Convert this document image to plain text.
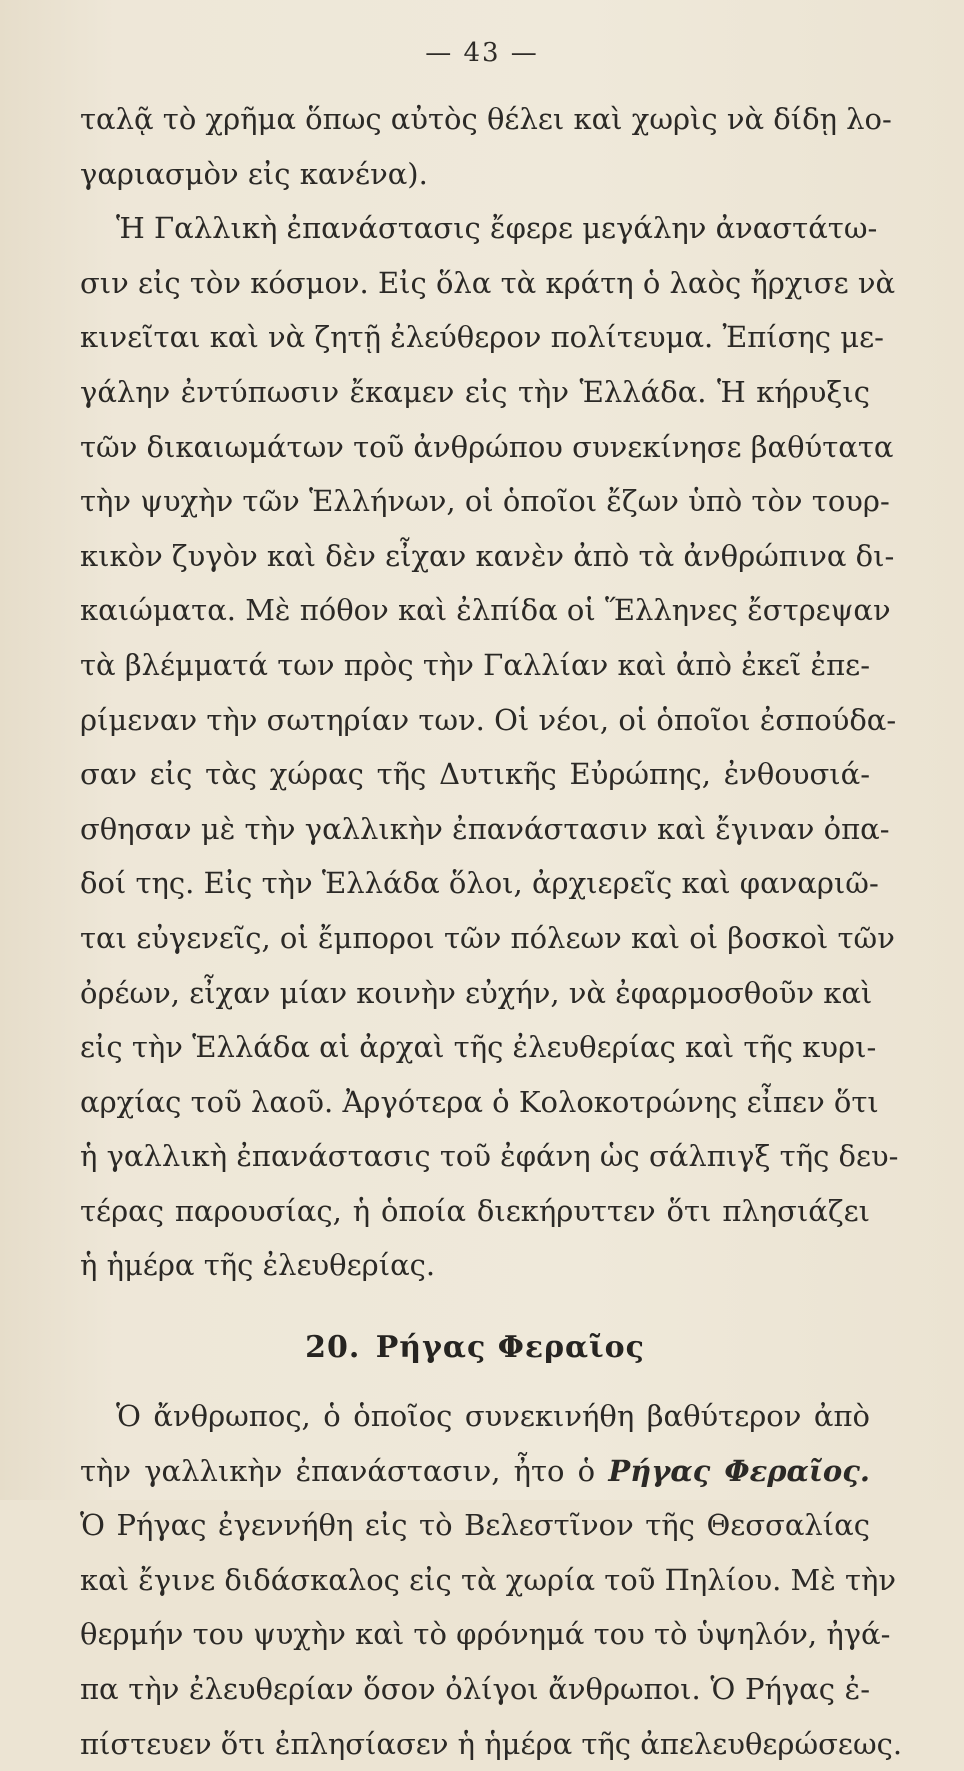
— 43 —
ταλᾷ τὸ χρῆμα ὅπως αὐτὸς θέλει καὶ χωρὶς νὰ δίδῃ λο-
γαριασμὸν εἰς κανένα).
Ἡ Γαλλικὴ ἐπανάστασις ἔφερε μεγάλην ἀναστάτω-
σιν εἰς τὸν κόσμον. Εἰς ὅλα τὰ κράτη ὁ λαὸς ἤρχισε νὰ
κινεῖται καὶ νὰ ζητῇ ἐλεύθερον πολίτευμα. Ἐπίσης με-
γάλην ἐντύπωσιν ἔκαμεν εἰς τὴν Ἑλλάδα. Ἡ κήρυξις
τῶν δικαιωμάτων τοῦ ἀνθρώπου συνεκίνησε βαθύτατα
τὴν ψυχὴν τῶν Ἑλλήνων, οἱ ὁποῖοι ἔζων ὑπὸ τὸν τουρ-
κικὸν ζυγὸν καὶ δὲν εἶχαν κανὲν ἀπὸ τὰ ἀνθρώπινα δι-
καιώματα. Μὲ πόθον καὶ ἐλπίδα οἱ Ἕλληνες ἔστρεψαν
τὰ βλέμματά των πρὸς τὴν Γαλλίαν καὶ ἀπὸ ἐκεῖ ἐπε-
ρίμεναν τὴν σωτηρίαν των. Οἱ νέοι, οἱ ὁποῖοι ἐσπούδα-
σαν εἰς τὰς χώρας τῆς Δυτικῆς Εὐρώπης, ἐνθουσιά-
σθησαν μὲ τὴν γαλλικὴν ἐπανάστασιν καὶ ἔγιναν ὀπα-
δοί της. Εἰς τὴν Ἑλλάδα ὅλοι, ἀρχιερεῖς καὶ φαναριῶ-
ται εὐγενεῖς, οἱ ἔμποροι τῶν πόλεων καὶ οἱ βοσκοὶ τῶν
ὀρέων, εἶχαν μίαν κοινὴν εὐχήν, νὰ ἐφαρμοσθοῦν καὶ
εἰς τὴν Ἑλλάδα αἱ ἀρχαὶ τῆς ἐλευθερίας καὶ τῆς κυρι-
αρχίας τοῦ λαοῦ. Ἀργότερα ὁ Κολοκοτρώνης εἶπεν ὅτι
ἡ γαλλικὴ ἐπανάστασις τοῦ ἐφάνη ὡς σάλπιγξ τῆς δευ-
τέρας παρουσίας, ἡ ὁποία διεκήρυττεν ὅτι πλησιάζει
ἡ ἡμέρα τῆς ἐλευθερίας.
20. Ρήγας Φεραῖος
Ὁ ἄνθρωπος, ὁ ὁποῖος συνεκινήθη βαθύτερον ἀπὸ
τὴν γαλλικὴν ἐπανάστασιν, ἦτο ὁ Ρήγας Φεραῖος.
Ὁ Ρήγας ἐγεννήθη εἰς τὸ Βελεστῖνον τῆς Θεσσαλίας
καὶ ἔγινε διδάσκαλος εἰς τὰ χωρία τοῦ Πηλίου. Μὲ τὴν
θερμήν του ψυχὴν καὶ τὸ φρόνημά του τὸ ὑψηλόν, ἠγά-
πα τὴν ἐλευθερίαν ὅσον ὀλίγοι ἄνθρωποι. Ὁ Ρήγας ἐ-
πίστευεν ὅτι ἐπλησίασεν ἡ ἡμέρα τῆς ἀπελευθερώσεως.
